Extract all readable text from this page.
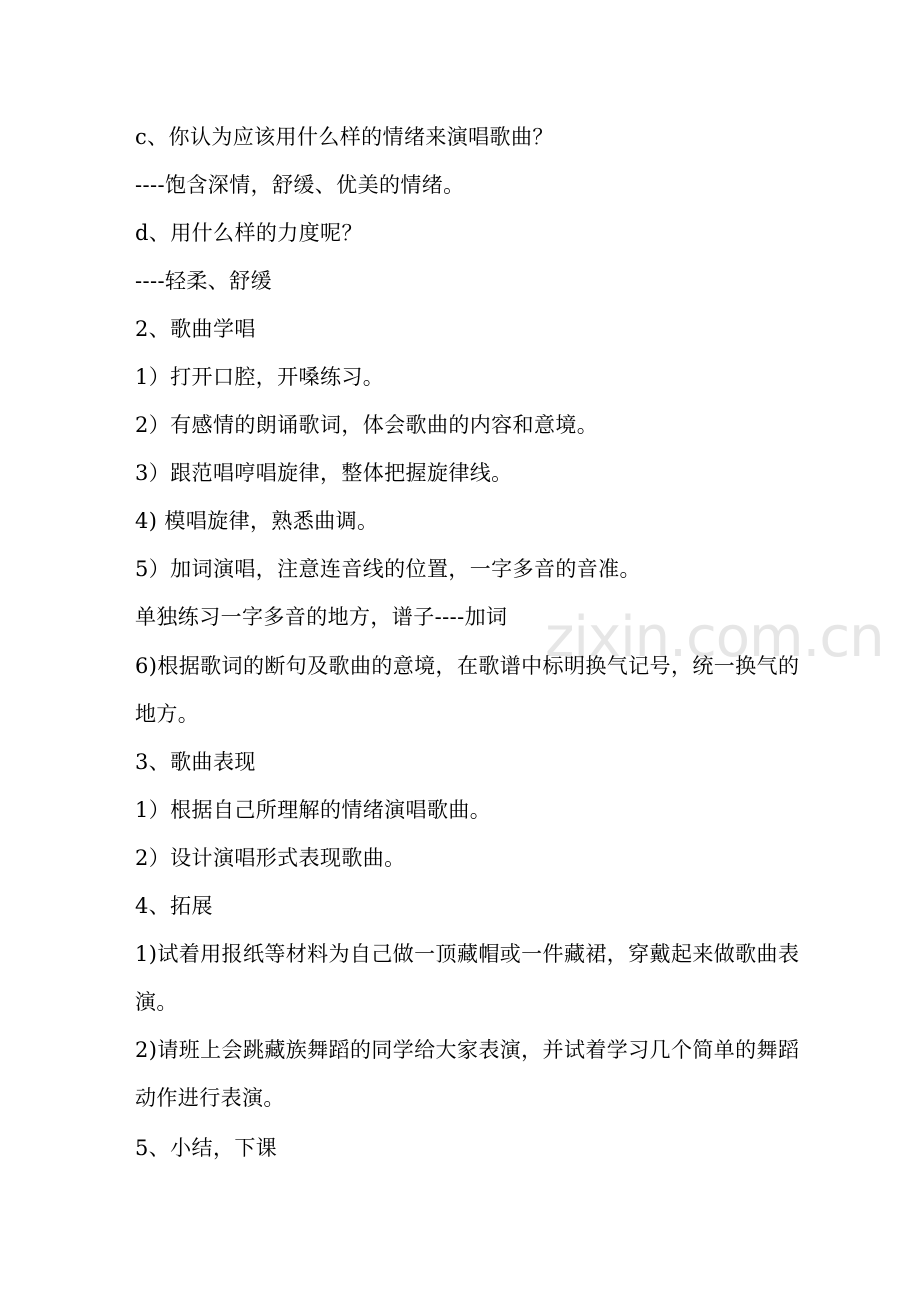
zixin.com.cn
c、你认为应该用什么样的情绪来演唱歌曲？
----饱含深情，舒缓、优美的情绪。
d、用什么样的力度呢？
----轻柔、舒缓
2、歌曲学唱
1）打开口腔，开嗓练习。
2）有感情的朗诵歌词，体会歌曲的内容和意境。
3）跟范唱哼唱旋律，整体把握旋律线。
4) 模唱旋律，熟悉曲调。
5）加词演唱，注意连音线的位置，一字多音的音准。
单独练习一字多音的地方，谱子----加词
6)根据歌词的断句及歌曲的意境，在歌谱中标明换气记号，统一换气的
地方。
3、歌曲表现
1）根据自己所理解的情绪演唱歌曲。
2）设计演唱形式表现歌曲。
4、拓展
1)试着用报纸等材料为自己做一顶藏帽或一件藏裙，穿戴起来做歌曲表
演。
2)请班上会跳藏族舞蹈的同学给大家表演，并试着学习几个简单的舞蹈
动作进行表演。
5、小结，下课
